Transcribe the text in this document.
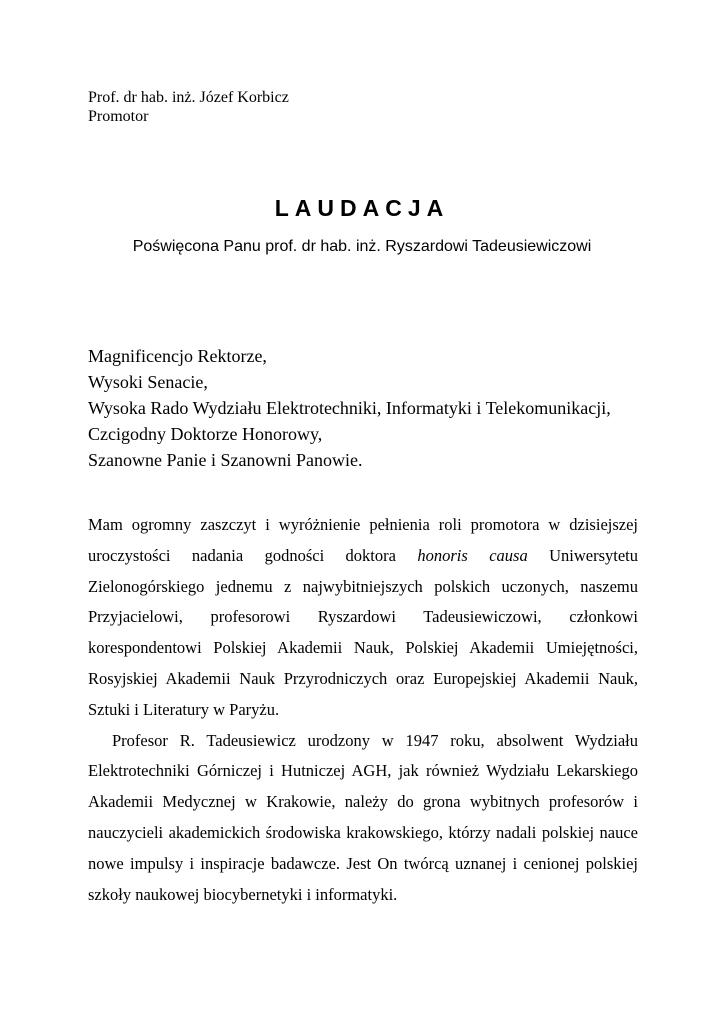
Prof. dr hab. inż. Józef Korbicz
Promotor
LAUDACJA
Poświęcona Panu prof. dr hab. inż. Ryszardowi Tadeusiewiczowi
Magnificencjo Rektorze,
Wysoki Senacie,
Wysoka Rado Wydziału Elektrotechniki, Informatyki i Telekomunikacji,
Czcigodny Doktorze Honorowy,
Szanowne Panie i Szanowni Panowie.

Mam ogromny zaszczyt i wyróżnienie pełnienia roli promotora w dzisiejszej uroczystości nadania godności doktora honoris causa Uniwersytetu Zielonogórskiego jednemu z najwybitniejszych polskich uczonych, naszemu Przyjacielowi, profesorowi Ryszardowi Tadeusiewiczowi, członkowi korespondentowi Polskiej Akademii Nauk, Polskiej Akademii Umiejętności, Rosyjskiej Akademii Nauk Przyrodniczych oraz Europejskiej Akademii Nauk, Sztuki i Literatury w Paryżu.

Profesor R. Tadeusiewicz urodzony w 1947 roku, absolwent Wydziału Elektrotechniki Górniczej i Hutniczej AGH, jak również Wydziału Lekarskiego Akademii Medycznej w Krakowie, należy do grona wybitnych profesorów i nauczycieli akademickich środowiska krakowskiego, którzy nadali polskiej nauce nowe impulsy i inspiracje badawcze. Jest On twórcą uznanej i cenionej polskiej szkoły naukowej biocybernetyki i informatyki.
